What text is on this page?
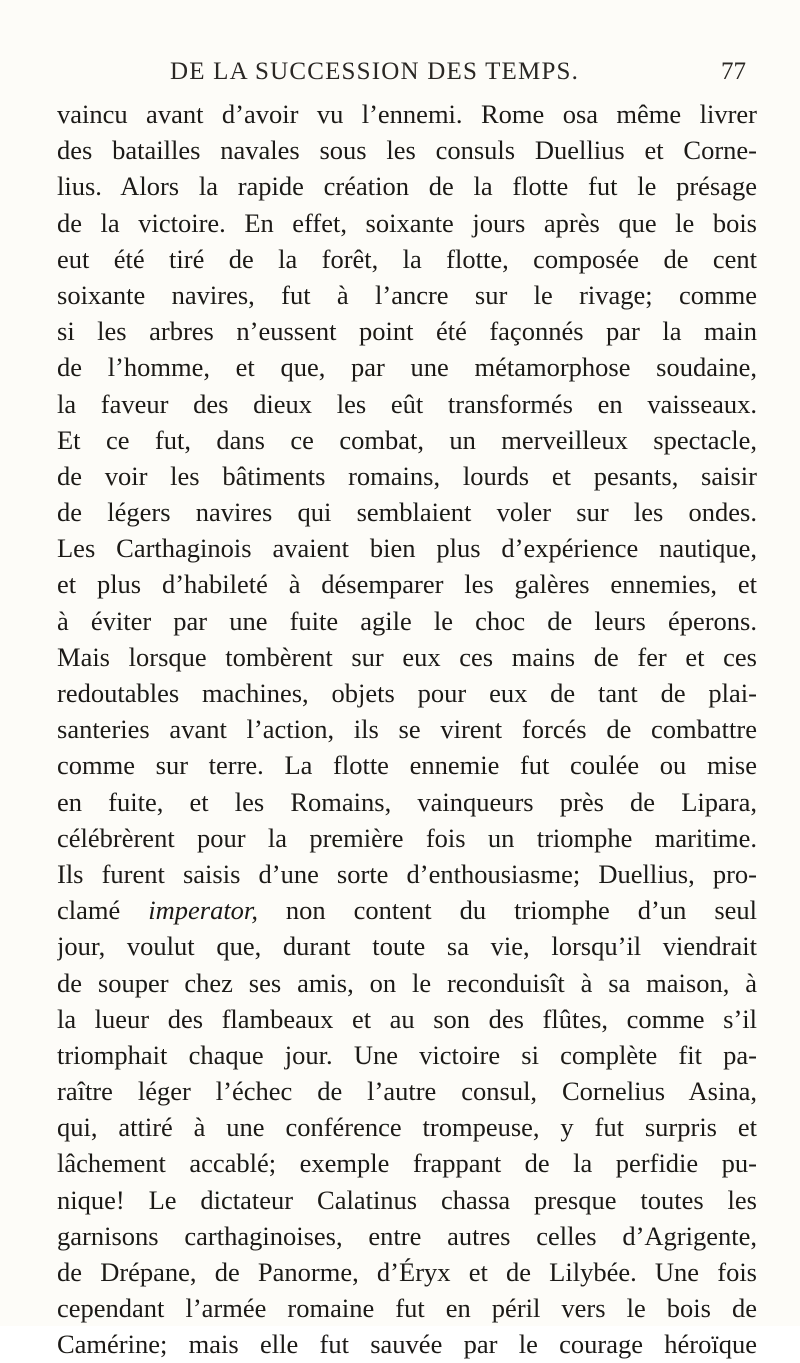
DE LA SUCCESSION DES TEMPS.	77
vaincu avant d’avoir vu l’ennemi. Rome osa même livrer
des batailles navales sous les consuls Duellius et Corne-
lius. Alors la rapide création de la flotte fut le présage
de la victoire. En effet, soixante jours après que le bois
eut été tiré de la forêt, la flotte, composée de cent
soixante navires, fut à l’ancre sur le rivage; comme
si les arbres n’eussent point été façonnés par la main
de l’homme, et que, par une métamorphose soudaine,
la faveur des dieux les eût transformés en vaisseaux.
Et ce fut, dans ce combat, un merveilleux spectacle,
de voir les bâtiments romains, lourds et pesants, saisir
de légers navires qui semblaient voler sur les ondes.
Les Carthaginois avaient bien plus d’expérience nautique,
et plus d’habileté à désemparer les galères ennemies, et
à éviter par une fuite agile le choc de leurs éperons.
Mais lorsque tombèrent sur eux ces mains de fer et ces
redoutables machines, objets pour eux de tant de plai-
santeries avant l’action, ils se virent forcés de combattre
comme sur terre. La flotte ennemie fut coulée ou mise
en fuite, et les Romains, vainqueurs près de Lipara,
célébrèrent pour la première fois un triomphe maritime.
Ils furent saisis d’une sorte d’enthousiasme; Duellius, pro-
clamé imperator, non content du triomphe d’un seul
jour, voulut que, durant toute sa vie, lorsqu’il viendrait
de souper chez ses amis, on le reconduisît à sa maison, à
la lueur des flambeaux et au son des flûtes, comme s’il
triomphait chaque jour. Une victoire si complète fit pa-
raître léger l’échec de l’autre consul, Cornelius Asina,
qui, attiré à une conférence trompeuse, y fut surpris et
lâchement accablé; exemple frappant de la perfidie pu-
nique! Le dictateur Calatinus chassa presque toutes les
garnisons carthaginoises, entre autres celles d’Agrigente,
de Drépane, de Panorme, d’Éryx et de Lilybée. Une fois
cependant l’armée romaine fut en péril vers le bois de
Camérine; mais elle fut sauvée par le courage héroïque
